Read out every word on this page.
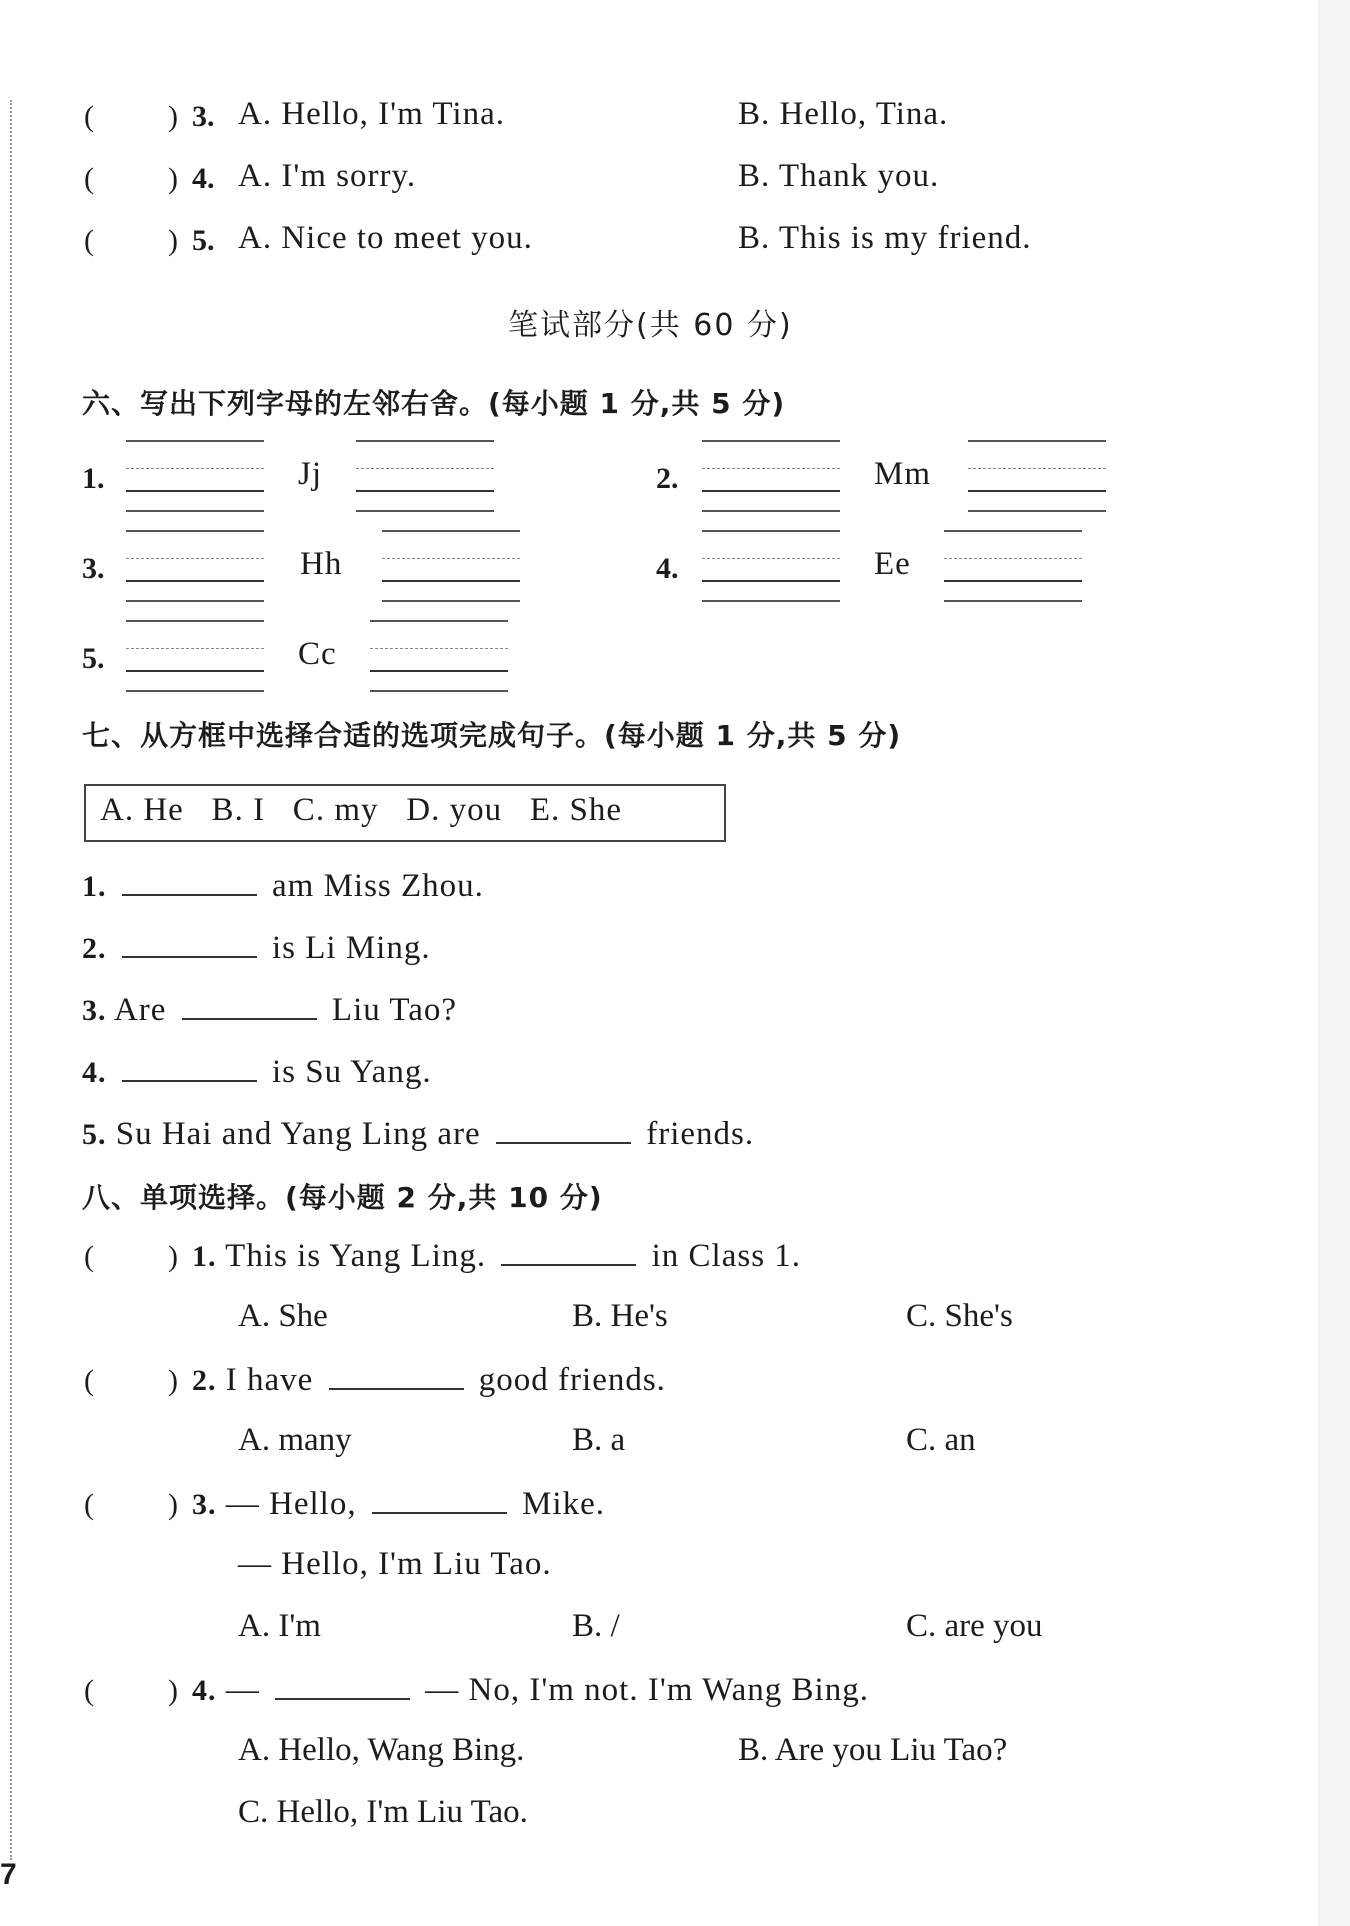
( ) 3. A. Hello, I'm Tina.	B. Hello, Tina.
( ) 4. A. I'm sorry.	B. Thank you.
( ) 5. A. Nice to meet you.	B. This is my friend.
笔试部分(共 60 分)
六、写出下列字母的左邻右舍。(每小题 1 分,共 5 分)
1.	Jj	2.	Mm
3.	Hh	4.	Ee
5.	Cc
七、从方框中选择合适的选项完成句子。(每小题 1 分,共 5 分)
A. He   B. I   C. my   D. you   E. She
1.	am Miss Zhou.
2.	is Li Ming.
3. Are	Liu Tao?
4.	is Su Yang.
5. Su Hai and Yang Ling are	friends.
八、单项选择。(每小题 2 分,共 10 分)
( ) 1. This is Yang Ling.	in Class 1.
A. She	B. He's	C. She's
( ) 2. I have	good friends.
A. many	B. a	C. an
( ) 3. — Hello,	Mike.
— Hello, I'm Liu Tao.
A. I'm	B. /	C. are you
( ) 4. —	— No, I'm not. I'm Wang Bing.
A. Hello, Wang Bing.	B. Are you Liu Tao?
C. Hello, I'm Liu Tao.
7
